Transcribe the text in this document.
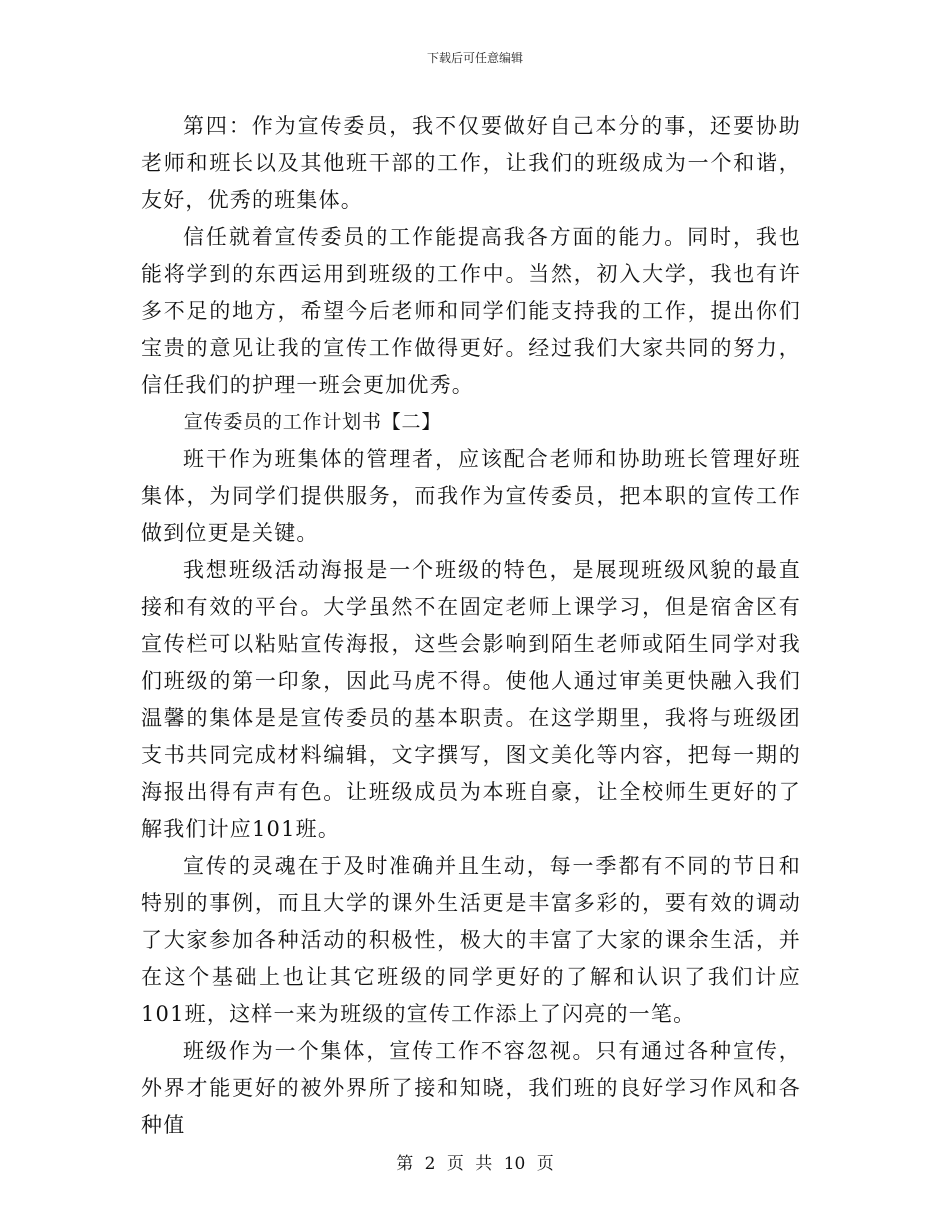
下载后可任意编辑

第四：作为宣传委员，我不仅要做好自己本分的事，还要协助老师和班长以及其他班干部的工作，让我们的班级成为一个和谐，友好，优秀的班集体。

信任就着宣传委员的工作能提高我各方面的能力。同时，我也能将学到的东西运用到班级的工作中。当然，初入大学，我也有许多不足的地方，希望今后老师和同学们能支持我的工作，提出你们宝贵的意见让我的宣传工作做得更好。经过我们大家共同的努力，信任我们的护理一班会更加优秀。

宣传委员的工作计划书【二】

班干作为班集体的管理者，应该配合老师和协助班长管理好班集体，为同学们提供服务，而我作为宣传委员，把本职的宣传工作做到位更是关键。

我想班级活动海报是一个班级的特色，是展现班级风貌的最直接和有效的平台。大学虽然不在固定老师上课学习，但是宿舍区有宣传栏可以粘贴宣传海报，这些会影响到陌生老师或陌生同学对我们班级的第一印象，因此马虎不得。使他人通过审美更快融入我们温馨的集体是是宣传委员的基本职责。在这学期里，我将与班级团支书共同完成材料编辑，文字撰写，图文美化等内容，把每一期的海报出得有声有色。让班级成员为本班自豪，让全校师生更好的了解我们计应101班。

宣传的灵魂在于及时准确并且生动，每一季都有不同的节日和特别的事例，而且大学的课外生活更是丰富多彩的，要有效的调动了大家参加各种活动的积极性，极大的丰富了大家的课余生活，并在这个基础上也让其它班级的同学更好的了解和认识了我们计应101班，这样一来为班级的宣传工作添上了闪亮的一笔。

班级作为一个集体，宣传工作不容忽视。只有通过各种宣传，外界才能更好的被外界所了接和知晓，我们班的良好学习作风和各种值

第 2 页 共 10 页
